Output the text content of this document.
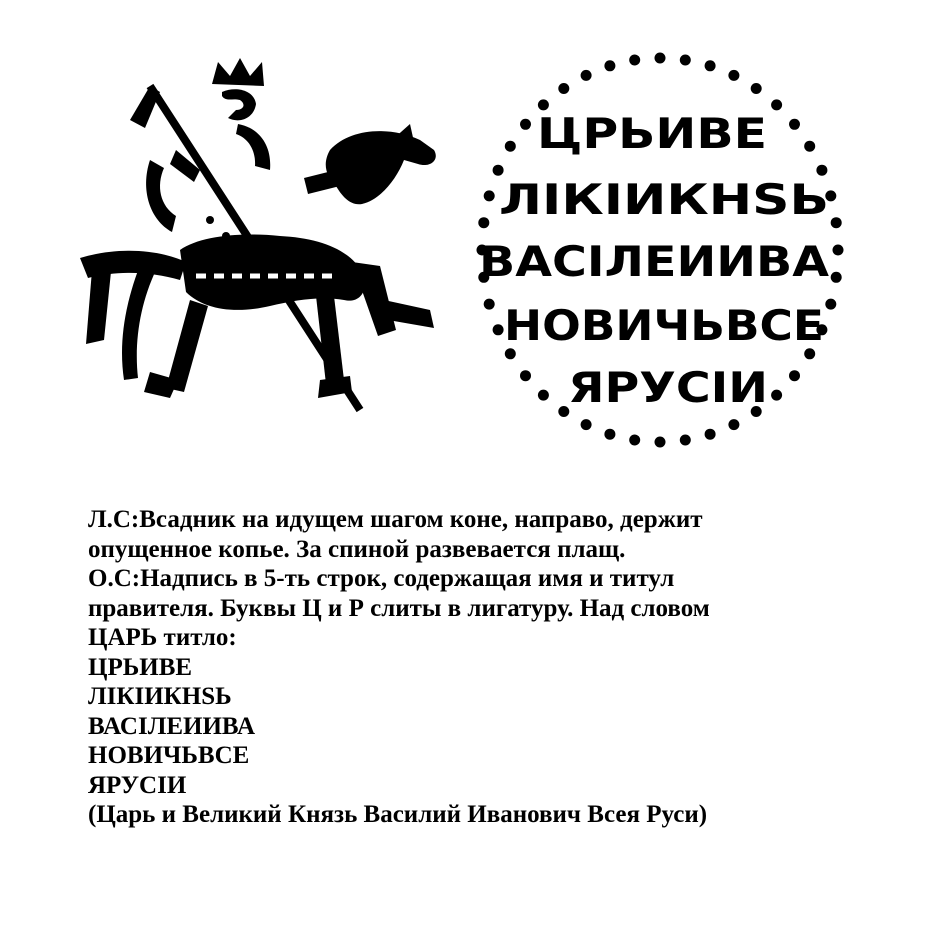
ЦРЬИВЕ
ЛІКІИКНЅЬ
ВАСІЛЕИИВА
НОВИЧЬВСЕ
ЯРУСІИ
Л.С:Всадник на идущем шагом коне, направо, держит
опущенное копье. За спиной развевается плащ.
О.С:Надпись в 5-ть строк, содержащая имя и титул
правителя. Буквы Ц и Р слиты в лигатуру. Над словом
ЦАРЬ титло:
ЦРЬИВЕ
ЛІКІИКНЅЬ
ВАСІЛЕИИВА
НОВИЧЬВСЕ
ЯРУСІИ
(Царь и Великий Князь Василий Иванович Всея Руси)
